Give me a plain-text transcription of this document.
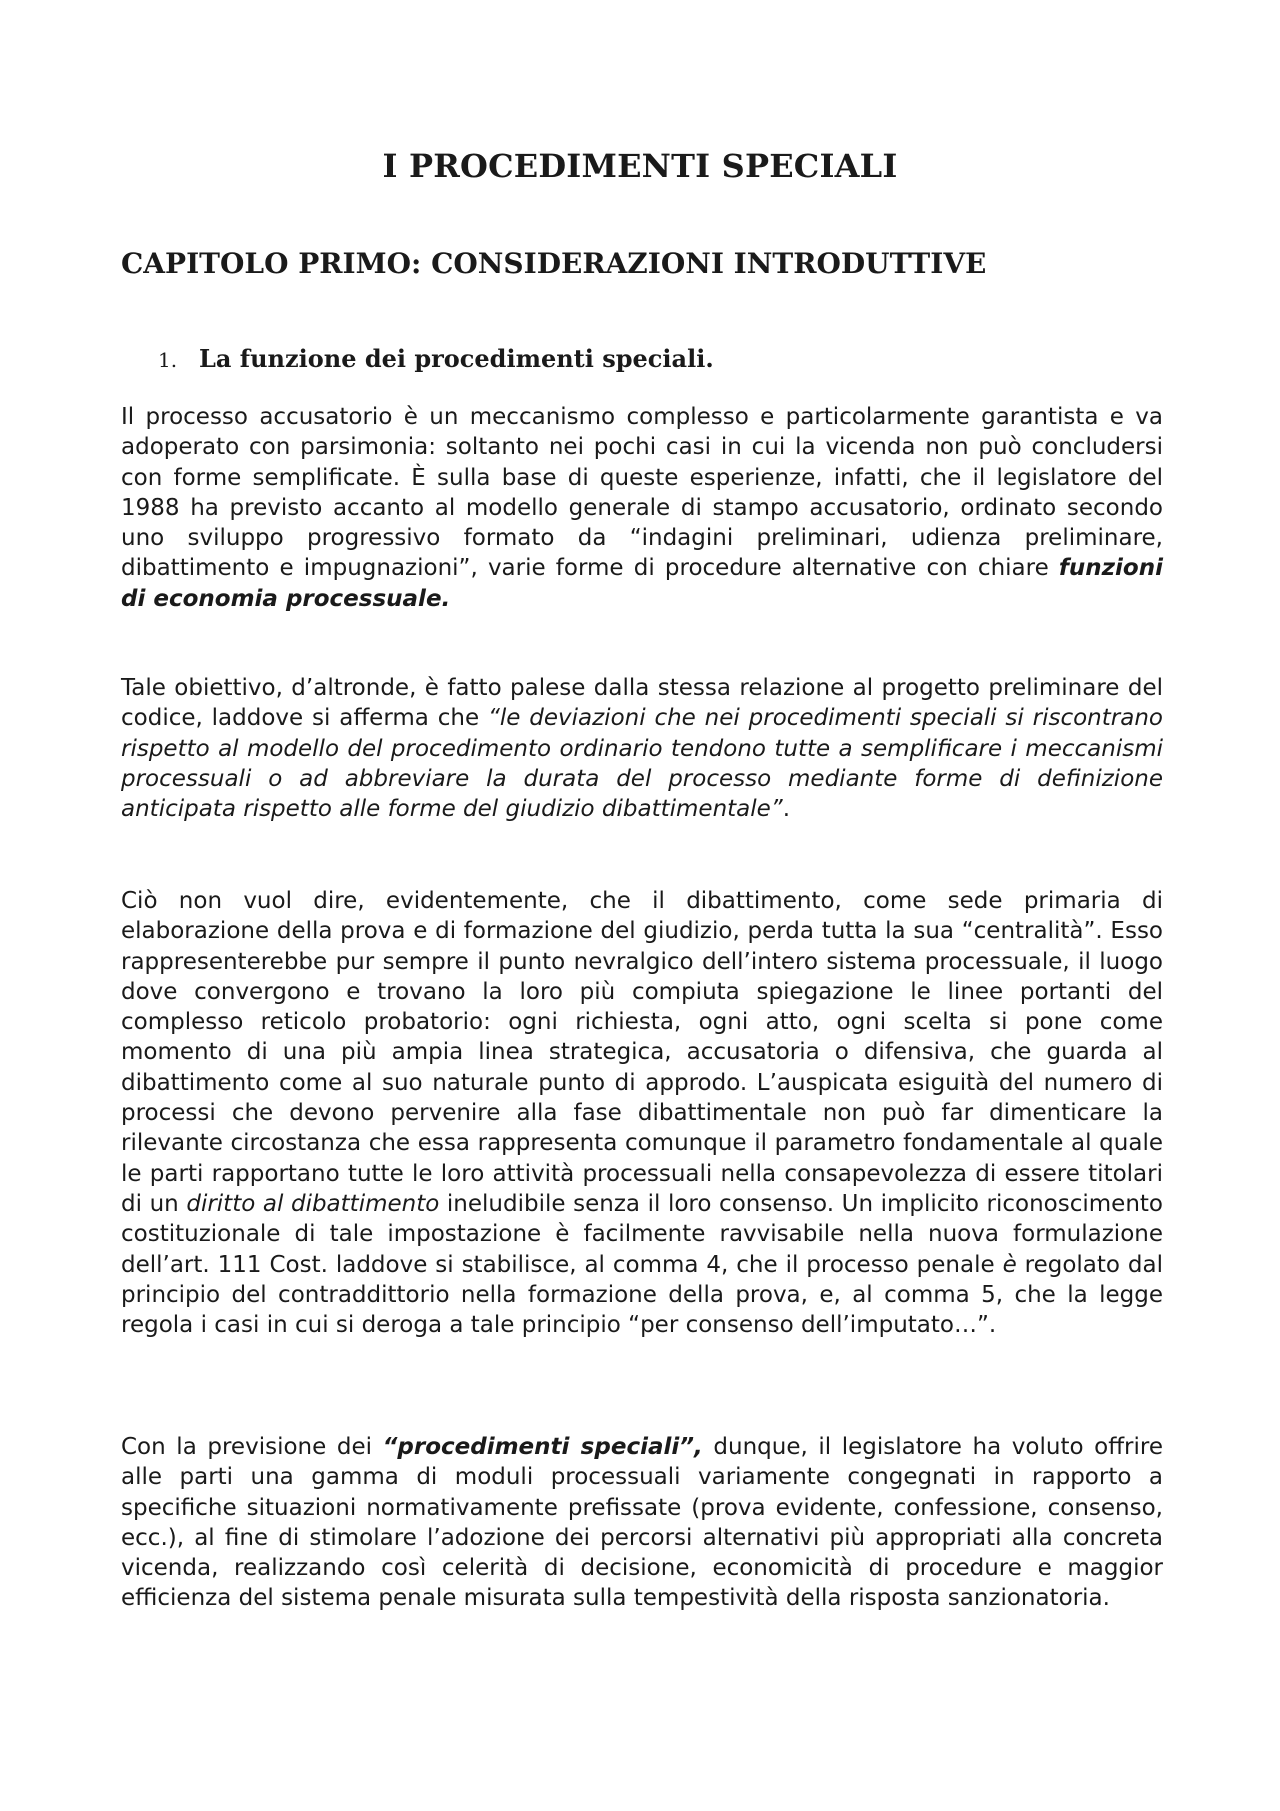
I PROCEDIMENTI SPECIALI
CAPITOLO PRIMO: CONSIDERAZIONI INTRODUTTIVE
1. La funzione dei procedimenti speciali.

Il processo accusatorio è un meccanismo complesso e particolarmente garantista e va adoperato con parsimonia: soltanto nei pochi casi in cui la vicenda non può concludersi con forme semplificate. È sulla base di queste esperienze, infatti, che il legislatore del 1988 ha previsto accanto al modello generale di stampo accusatorio, ordinato secondo uno sviluppo progressivo formato da “indagini preliminari, udienza preliminare, dibattimento e impugnazioni”, varie forme di procedure alternative con chiare funzioni di economia processuale.

Tale obiettivo, d’altronde, è fatto palese dalla stessa relazione al progetto preliminare del codice, laddove si afferma che “le deviazioni che nei procedimenti speciali si riscontrano rispetto al modello del procedimento ordinario tendono tutte a semplificare i meccanismi processuali o ad abbreviare la durata del processo mediante forme di definizione anticipata rispetto alle forme del giudizio dibattimentale”.

Ciò non vuol dire, evidentemente, che il dibattimento, come sede primaria di elaborazione della prova e di formazione del giudizio, perda tutta la sua “centralità”. Esso rappresenterebbe pur sempre il punto nevralgico dell’intero sistema processuale, il luogo dove convergono e trovano la loro più compiuta spiegazione le linee portanti del complesso reticolo probatorio: ogni richiesta, ogni atto, ogni scelta si pone come momento di una più ampia linea strategica, accusatoria o difensiva, che guarda al dibattimento come al suo naturale punto di approdo. L’auspicata esiguità del numero di processi che devono pervenire alla fase dibattimentale non può far dimenticare la rilevante circostanza che essa rappresenta comunque il parametro fondamentale al quale le parti rapportano tutte le loro attività processuali nella consapevolezza di essere titolari di un diritto al dibattimento ineludibile senza il loro consenso. Un implicito riconoscimento costituzionale di tale impostazione è facilmente ravvisabile nella nuova formulazione dell’art. 111 Cost. laddove si stabilisce, al comma 4, che il processo penale è regolato dal principio del contraddittorio nella formazione della prova, e, al comma 5, che la legge regola i casi in cui si deroga a tale principio “per consenso dell’imputato…”.

Con la previsione dei “procedimenti speciali”, dunque, il legislatore ha voluto offrire alle parti una gamma di moduli processuali variamente congegnati in rapporto a specifiche situazioni normativamente prefissate (prova evidente, confessione, consenso, ecc.), al fine di stimolare l’adozione dei percorsi alternativi più appropriati alla concreta vicenda, realizzando così celerità di decisione, economicità di procedure e maggior efficienza del sistema penale misurata sulla tempestività della risposta sanzionatoria.
